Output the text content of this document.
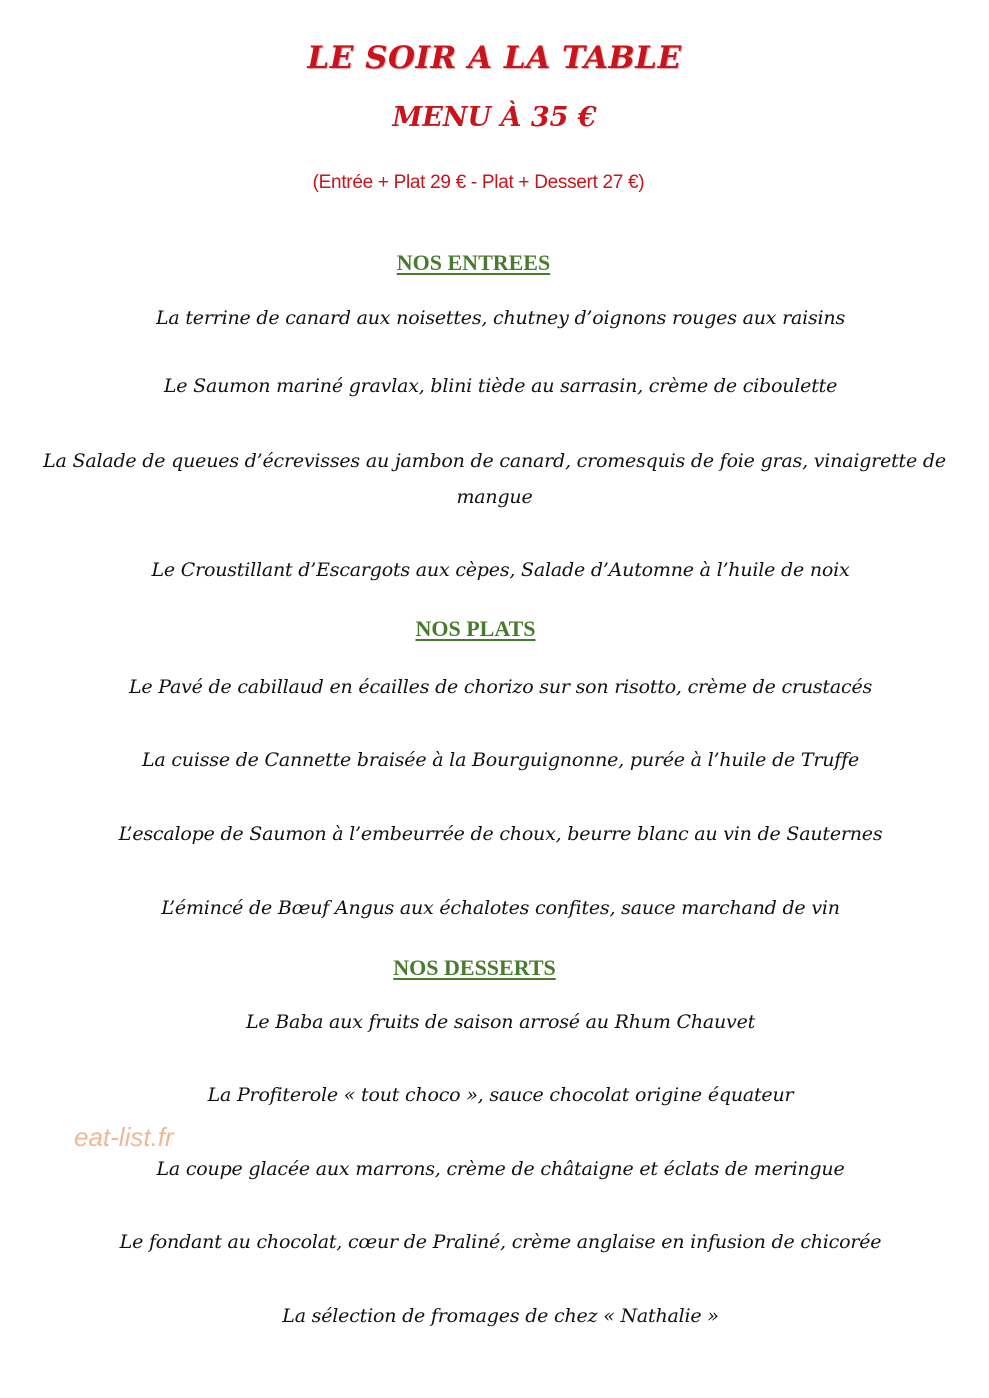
LE SOIR A LA TABLE
MENU À 35 €
(Entrée + Plat 29 € - Plat + Dessert 27 €)
NOS ENTREES
La terrine de canard aux noisettes, chutney d’oignons rouges aux raisins
Le Saumon mariné gravlax, blini tiède au sarrasin, crème de ciboulette
La Salade de queues d’écrevisses au jambon de canard, cromesquis de foie gras, vinaigrette de mangue
Le Croustillant d’Escargots aux cèpes, Salade d’Automne à l’huile de noix
NOS PLATS
Le Pavé de cabillaud en écailles de chorizo sur son risotto, crème de crustacés
La cuisse de Cannette braisée à la Bourguignonne, purée à l’huile de Truffe
L’escalope de Saumon à l’embeurrée de choux, beurre blanc au vin de Sauternes
L’émincé de Bœuf Angus aux échalotes confites, sauce marchand de vin
NOS DESSERTS
Le Baba aux fruits de saison arrosé au Rhum Chauvet
La Profiterole « tout choco », sauce chocolat origine équateur
La coupe glacée aux marrons, crème de châtaigne et éclats de meringue
Le fondant au chocolat, cœur de Praliné, crème anglaise en infusion de chicorée
La sélection de fromages de chez « Nathalie »
eat-list.fr
